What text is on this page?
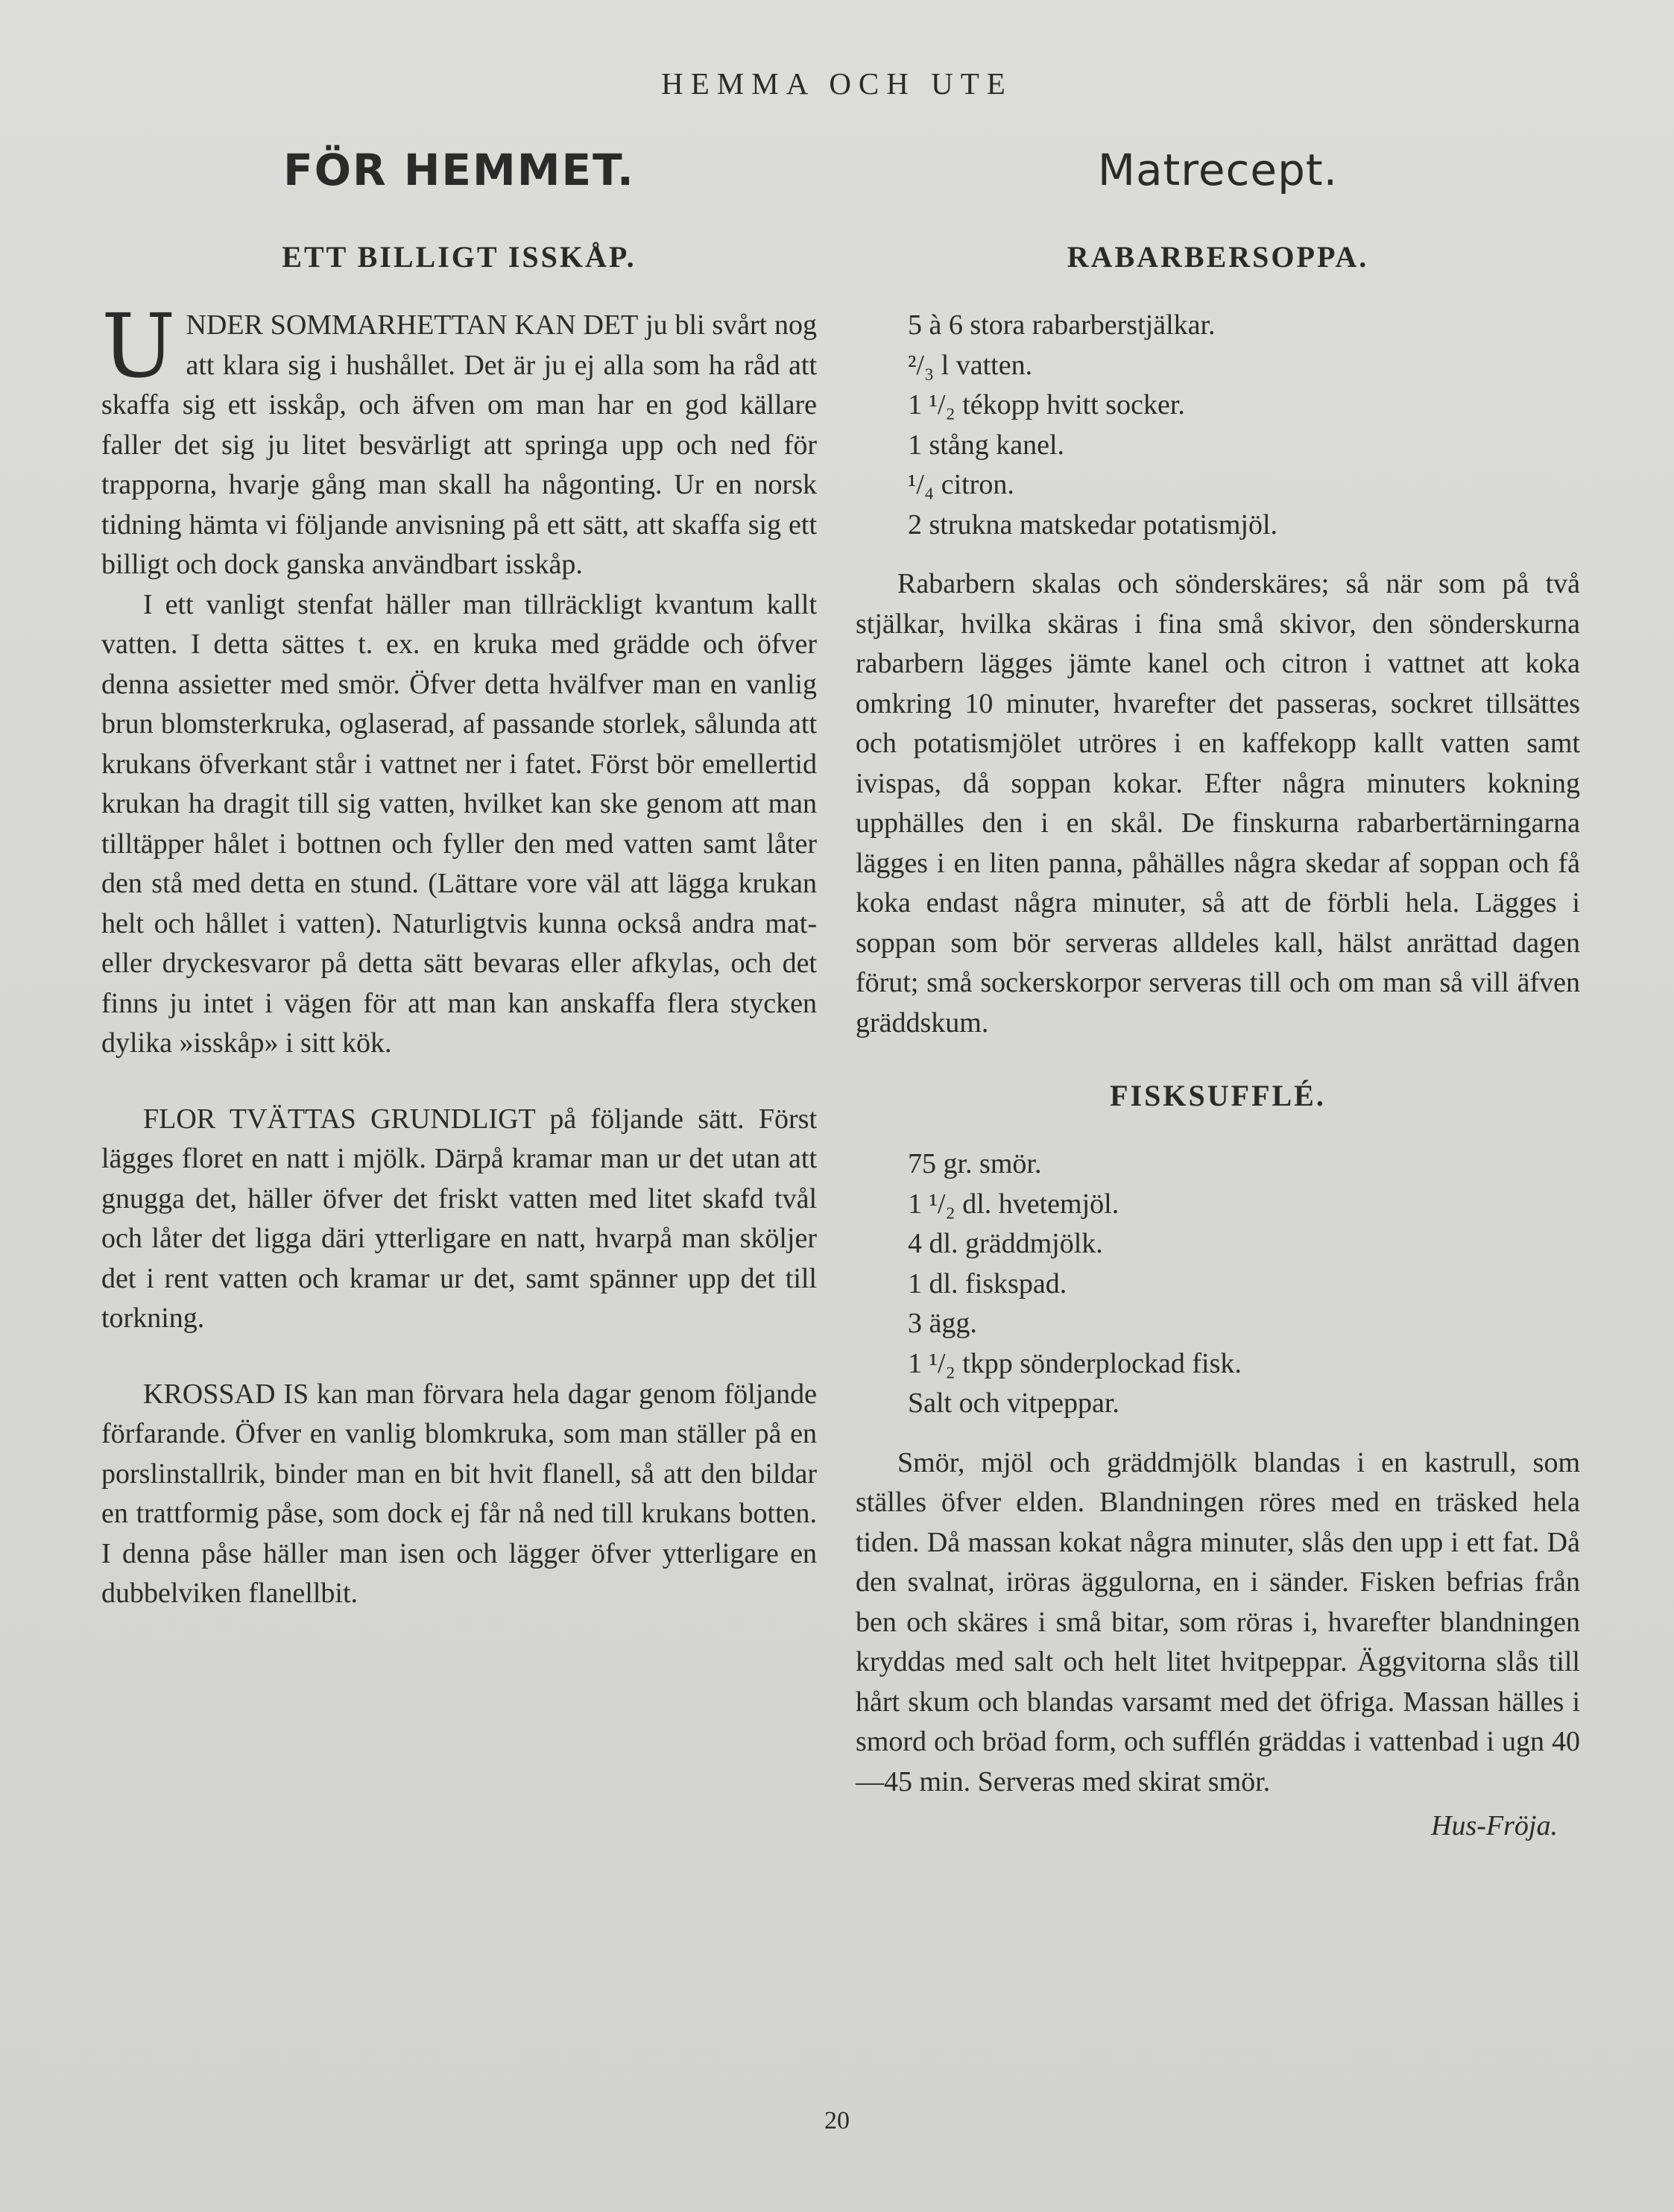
HEMMA OCH UTE
FÖR HEMMET.
ETT BILLIGT ISSKÅP.

UNDER SOMMARHETTAN KAN DET ju bli svårt nog att klara sig i hushållet. Det är ju ej alla som ha råd att skaffa sig ett isskåp, och äfven om man har en god källare faller det sig ju litet besvärligt att springa upp och ned för trapporna, hvarje gång man skall ha någonting. Ur en norsk tidning hämta vi följande anvisning på ett sätt, att skaffa sig ett billigt och dock ganska användbart isskåp.

I ett vanligt stenfat häller man tillräckligt kvantum kallt vatten. I detta sättes t. ex. en kruka med grädde och öfver denna assietter med smör. Öfver detta hvälfver man en vanlig brun blomsterkruka, oglaserad, af passande storlek, sålunda att krukans öfverkant står i vattnet ner i fatet. Först bör emellertid krukan ha dragit till sig vatten, hvilket kan ske genom att man tilltäpper hålet i bottnen och fyller den med vatten samt låter den stå med detta en stund. (Lättare vore väl att lägga krukan helt och hållet i vatten). Naturligtvis kunna också andra mat- eller dryckesvaror på detta sätt bevaras eller afkylas, och det finns ju intet i vägen för att man kan anskaffa flera stycken dylika »isskåp» i sitt kök.

FLOR TVÄTTAS GRUNDLIGT på följande sätt. Först lägges floret en natt i mjölk. Därpå kramar man ur det utan att gnugga det, häller öfver det friskt vatten med litet skafd tvål och låter det ligga däri ytterligare en natt, hvarpå man sköljer det i rent vatten och kramar ur det, samt spänner upp det till torkning.

KROSSAD IS kan man förvara hela dagar genom följande förfarande. Öfver en vanlig blomkruka, som man ställer på en porslinstallrik, binder man en bit hvit flanell, så att den bildar en trattformig påse, som dock ej får nå ned till krukans botten. I denna påse häller man isen och lägger öfver ytterligare en dubbelviken flanellbit.

Matrecept.
RABARBERSOPPA.
5 à 6 stora rabarberstjälkar.
²/₃ l vatten.
1 ¹/₂ tékopp hvitt socker.
1 stång kanel.
¹/₄ citron.
2 strukna matskedar potatismjöl.

Rabarbern skalas och sönderskäres; så när som på två stjälkar, hvilka skäras i fina små skivor, den sönderskurna rabarbern lägges jämte kanel och citron i vattnet att koka omkring 10 minuter, hvarefter det passeras, sockret tillsättes och potatismjölet utröres i en kaffekopp kallt vatten samt ivispas, då soppan kokar. Efter några minuters kokning upphälles den i en skål. De finskurna rabarbertärningarna lägges i en liten panna, påhälles några skedar af soppan och få koka endast några minuter, så att de förbli hela. Lägges i soppan som bör serveras alldeles kall, hälst anrättad dagen förut; små sockerskorpor serveras till och om man så vill äfven gräddskum.

FISKSUFFLÉ.
75 gr. smör.
1 ¹/₂ dl. hvetemjöl.
4 dl. gräddmjölk.
1 dl. fiskspad.
3 ägg.
1 ¹/₂ tkpp sönderplockad fisk.
Salt och vitpeppar.

Smör, mjöl och gräddmjölk blandas i en kastrull, som ställes öfver elden. Blandningen röres med en träsked hela tiden. Då massan kokat några minuter, slås den upp i ett fat. Då den svalnat, iröras äggulorna, en i sänder. Fisken befrias från ben och skäres i små bitar, som röras i, hvarefter blandningen kryddas med salt och helt litet hvitpeppar. Äggvitorna slås till hårt skum och blandas varsamt med det öfriga. Massan hälles i smord och bröad form, och sufflén gräddas i vattenbad i ugn 40—45 min. Serveras med skirat smör.

Hus-Fröja.
20
